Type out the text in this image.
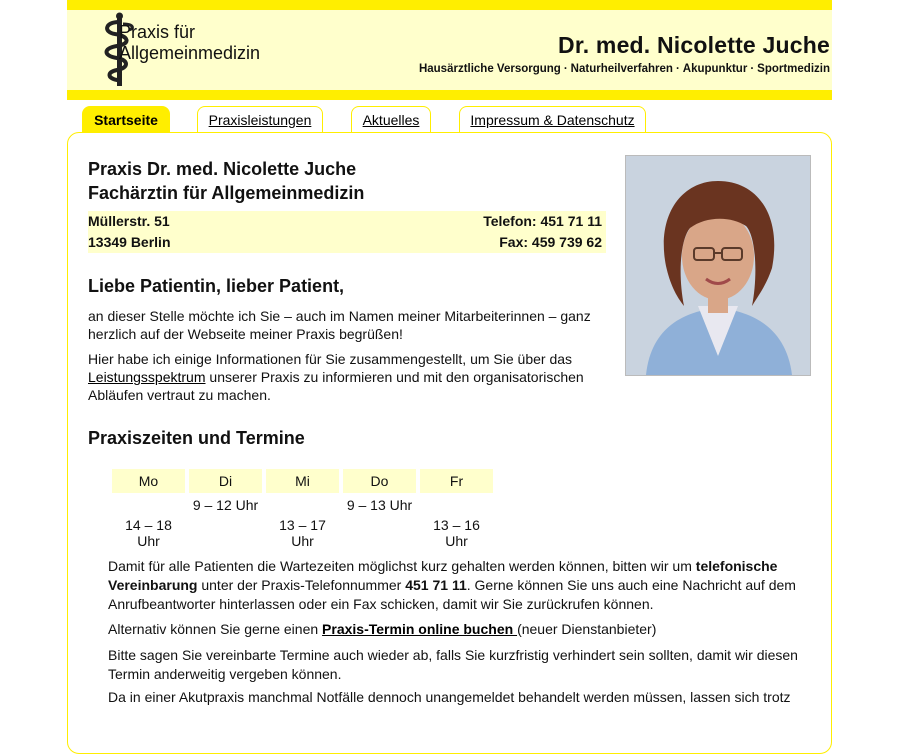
Praxis für
Allgemeinmedizin	Dr. med. Nicolette Juche
Hausärztliche Versorgung · Naturheilverfahren · Akupunktur · Sportmedizin
Startseite	Praxisleistungen	Aktuelles	Impressum & Datenschutz
Praxis Dr. med. Nicolette Juche
Fachärztin für Allgemeinmedizin
Müllerstr. 51	Telefon: 451 71 11
13349 Berlin	Fax: 459 739 62
Liebe Patientin, lieber Patient,
an dieser Stelle möchte ich Sie – auch im Namen meiner Mitarbeiterinnen – ganz herzlich auf der Webseite meiner Praxis begrüßen!
Hier habe ich einige Informationen für Sie zusammengestellt, um Sie über das Leistungsspektrum unserer Praxis zu informieren und mit den organisatorischen Abläufen vertraut zu machen.
Praxiszeiten und Termine
Mo	Di	Mi	Do	Fr
	9 – 12 Uhr		9 – 13 Uhr	
14 – 18 Uhr		13 – 17 Uhr		13 – 16 Uhr
Damit für alle Patienten die Wartezeiten möglichst kurz gehalten werden können, bitten wir um telefonische Vereinbarung unter der Praxis-Telefonnummer 451 71 11. Gerne können Sie uns auch eine Nachricht auf dem Anrufbeantworter hinterlassen oder ein Fax schicken, damit wir Sie zurückrufen können.
Alternativ können Sie gerne einen Praxis-Termin online buchen (neuer Dienstanbieter)
Bitte sagen Sie vereinbarte Termine auch wieder ab, falls Sie kurzfristig verhindert sein sollten, damit wir diesen Termin anderweitig vergeben können.
Da in einer Akutpraxis manchmal Notfälle dennoch unangemeldet behandelt werden müssen, lassen sich trotz
